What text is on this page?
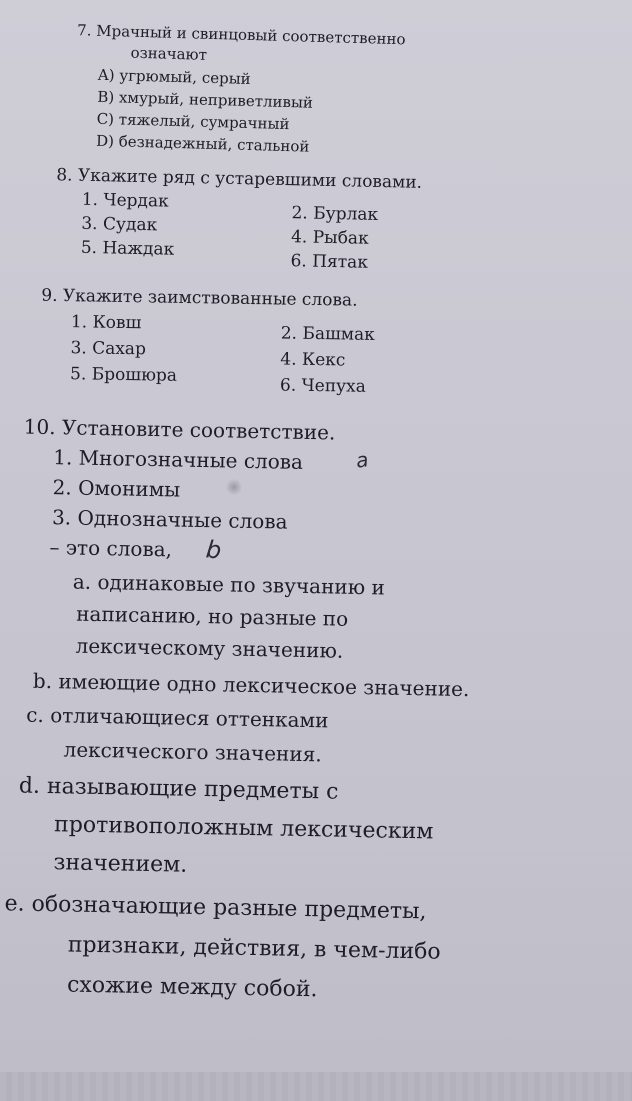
7. Мрачный и свинцовый соответственно
означают
A) угрюмый, серый
B) хмурый, неприветливый
C) тяжелый, сумрачный
D) безнадежный, стальной
8. Укажите ряд с устаревшими словами.
1. Чердак
3. Судак
5. Наждак
2. Бурлак
4. Рыбак
6. Пятак
9. Укажите заимствованные слова.
1. Ковш
3. Сахар
5. Брошюра
2. Башмак
4. Кекс
6. Чепуха
10. Установите соответствие.
1. Многозначные слова
2. Омонимы
3. Однозначные слова
– это слова,
a. одинаковые по звучанию и
написанию, но разные по
лексическому значению.
b. имеющие одно лексическое значение.
c. отличающиеся оттенками
лексического значения.
d. называющие предметы с
противоположным лексическим
значением.
e. обозначающие разные предметы,
признаки, действия, в чем-либо
схожие между собой.
а
b
